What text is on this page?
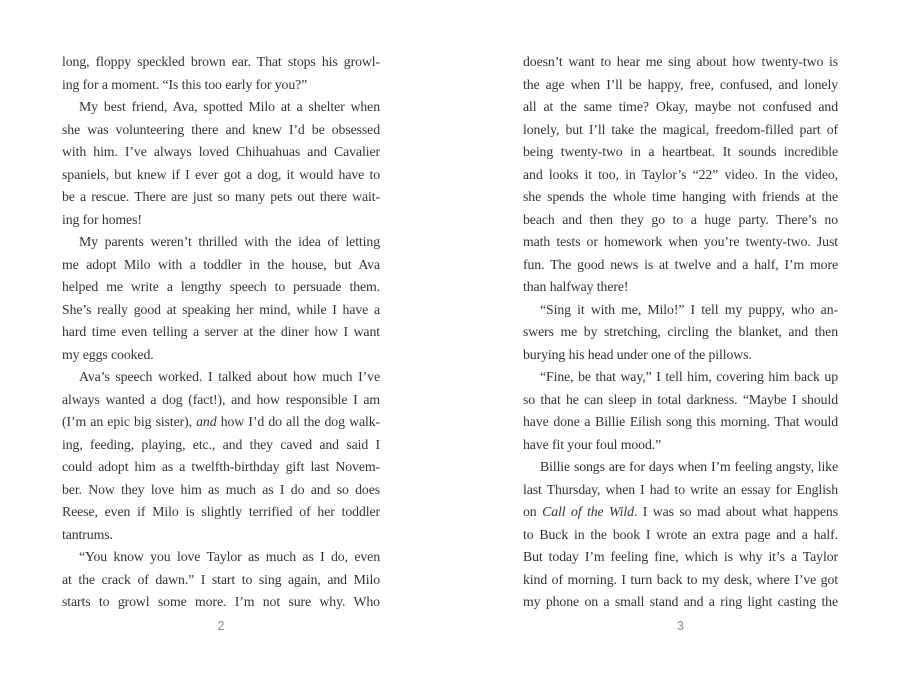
long, floppy speckled brown ear. That stops his growl-
ing for a moment. “Is this too early for you?”
My best friend, Ava, spotted Milo at a shelter when
she was volunteering there and knew I’d be obsessed
with him. I’ve always loved Chihuahuas and Cavalier
spaniels, but knew if I ever got a dog, it would have to
be a rescue. There are just so many pets out there wait-
ing for homes!
My parents weren’t thrilled with the idea of letting
me adopt Milo with a toddler in the house, but Ava
helped me write a lengthy speech to persuade them.
She’s really good at speaking her mind, while I have a
hard time even telling a server at the diner how I want
my eggs cooked.
Ava’s speech worked. I talked about how much I’ve
always wanted a dog (fact!), and how responsible I am
(I’m an epic big sister), and how I’d do all the dog walk-
ing, feeding, playing, etc., and they caved and said I
could adopt him as a twelfth-birthday gift last Novem-
ber. Now they love him as much as I do and so does
Reese, even if Milo is slightly terrified of her toddler
tantrums.
“You know you love Taylor as much as I do, even
at the crack of dawn.” I start to sing again, and Milo
starts to growl some more. I’m not sure why. Who
2
doesn’t want to hear me sing about how twenty-two is
the age when I’ll be happy, free, confused, and lonely
all at the same time? Okay, maybe not confused and
lonely, but I’ll take the magical, freedom-filled part of
being twenty-two in a heartbeat. It sounds incredible
and looks it too, in Taylor’s “22” video. In the video,
she spends the whole time hanging with friends at the
beach and then they go to a huge party. There’s no
math tests or homework when you’re twenty-two. Just
fun. The good news is at twelve and a half, I’m more
than halfway there!
“Sing it with me, Milo!” I tell my puppy, who an-
swers me by stretching, circling the blanket, and then
burying his head under one of the pillows.
“Fine, be that way,” I tell him, covering him back up
so that he can sleep in total darkness. “Maybe I should
have done a Billie Eilish song this morning. That would
have fit your foul mood.”
Billie songs are for days when I’m feeling angsty, like
last Thursday, when I had to write an essay for English
on Call of the Wild. I was so mad about what happens
to Buck in the book I wrote an extra page and a half.
But today I’m feeling fine, which is why it’s a Taylor
kind of morning. I turn back to my desk, where I’ve got
my phone on a small stand and a ring light casting the
3
